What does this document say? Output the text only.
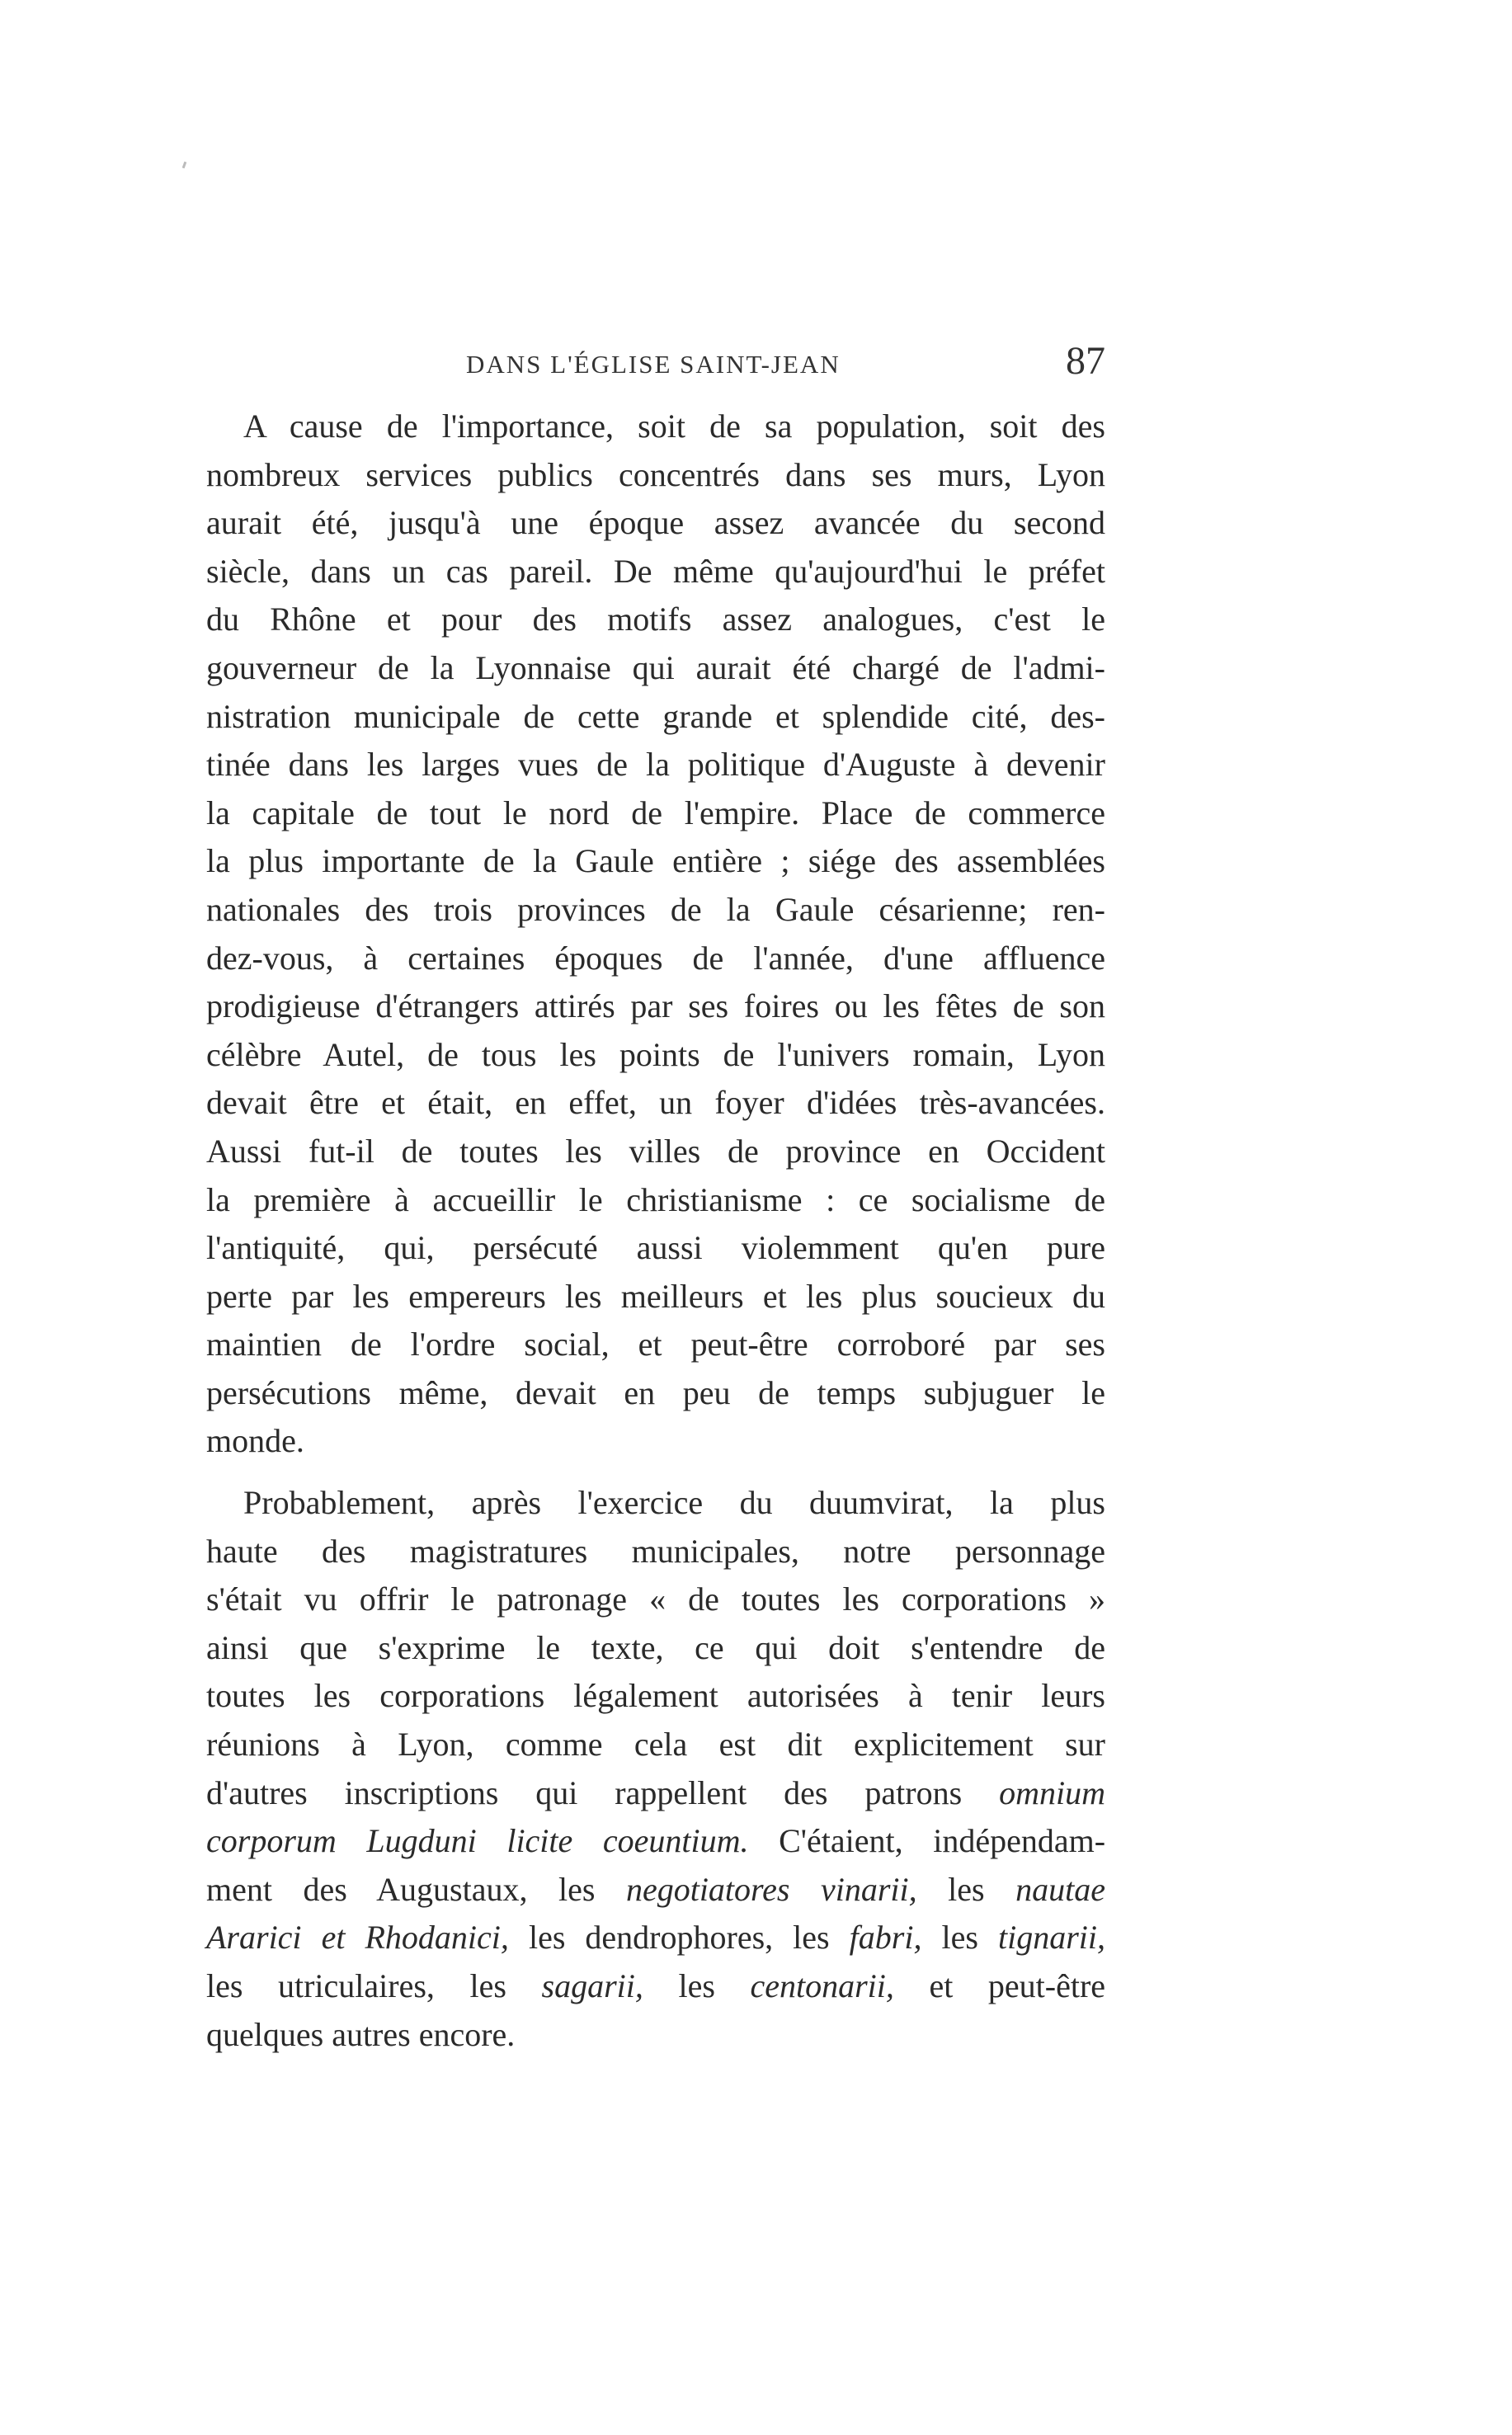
DANS L'ÉGLISE SAINT-JEAN	87
A cause de l'importance, soit de sa population, soit des
nombreux services publics concentrés dans ses murs, Lyon
aurait été, jusqu'à une époque assez avancée du second
siècle, dans un cas pareil. De même qu'aujourd'hui le préfet
du Rhône et pour des motifs assez analogues, c'est le
gouverneur de la Lyonnaise qui aurait été chargé de l'admi-
nistration municipale de cette grande et splendide cité, des-
tinée dans les larges vues de la politique d'Auguste à devenir
la capitale de tout le nord de l'empire. Place de commerce
la plus importante de la Gaule entière ; siége des assemblées
nationales des trois provinces de la Gaule césarienne; ren-
dez-vous, à certaines époques de l'année, d'une affluence
prodigieuse d'étrangers attirés par ses foires ou les fêtes de son
célèbre Autel, de tous les points de l'univers romain, Lyon
devait être et était, en effet, un foyer d'idées très-avancées.
Aussi fut-il de toutes les villes de province en Occident
la première à accueillir le christianisme : ce socialisme de
l'antiquité, qui, persécuté aussi violemment qu'en pure
perte par les empereurs les meilleurs et les plus soucieux du
maintien de l'ordre social, et peut-être corroboré par ses
persécutions même, devait en peu de temps subjuguer le
monde.
Probablement, après l'exercice du duumvirat, la plus
haute des magistratures municipales, notre personnage
s'était vu offrir le patronage « de toutes les corporations »
ainsi que s'exprime le texte, ce qui doit s'entendre de
toutes les corporations légalement autorisées à tenir leurs
réunions à Lyon, comme cela est dit explicitement sur
d'autres inscriptions qui rappellent des patrons omnium
corporum Lugduni licite coeuntium. C'étaient, indépendam-
ment des Augustaux, les negotiatores vinarii, les nautae
Ararici et Rhodanici, les dendrophores, les fabri, les tignarii,
les utriculaires, les sagarii, les centonarii, et peut-être
quelques autres encore.
